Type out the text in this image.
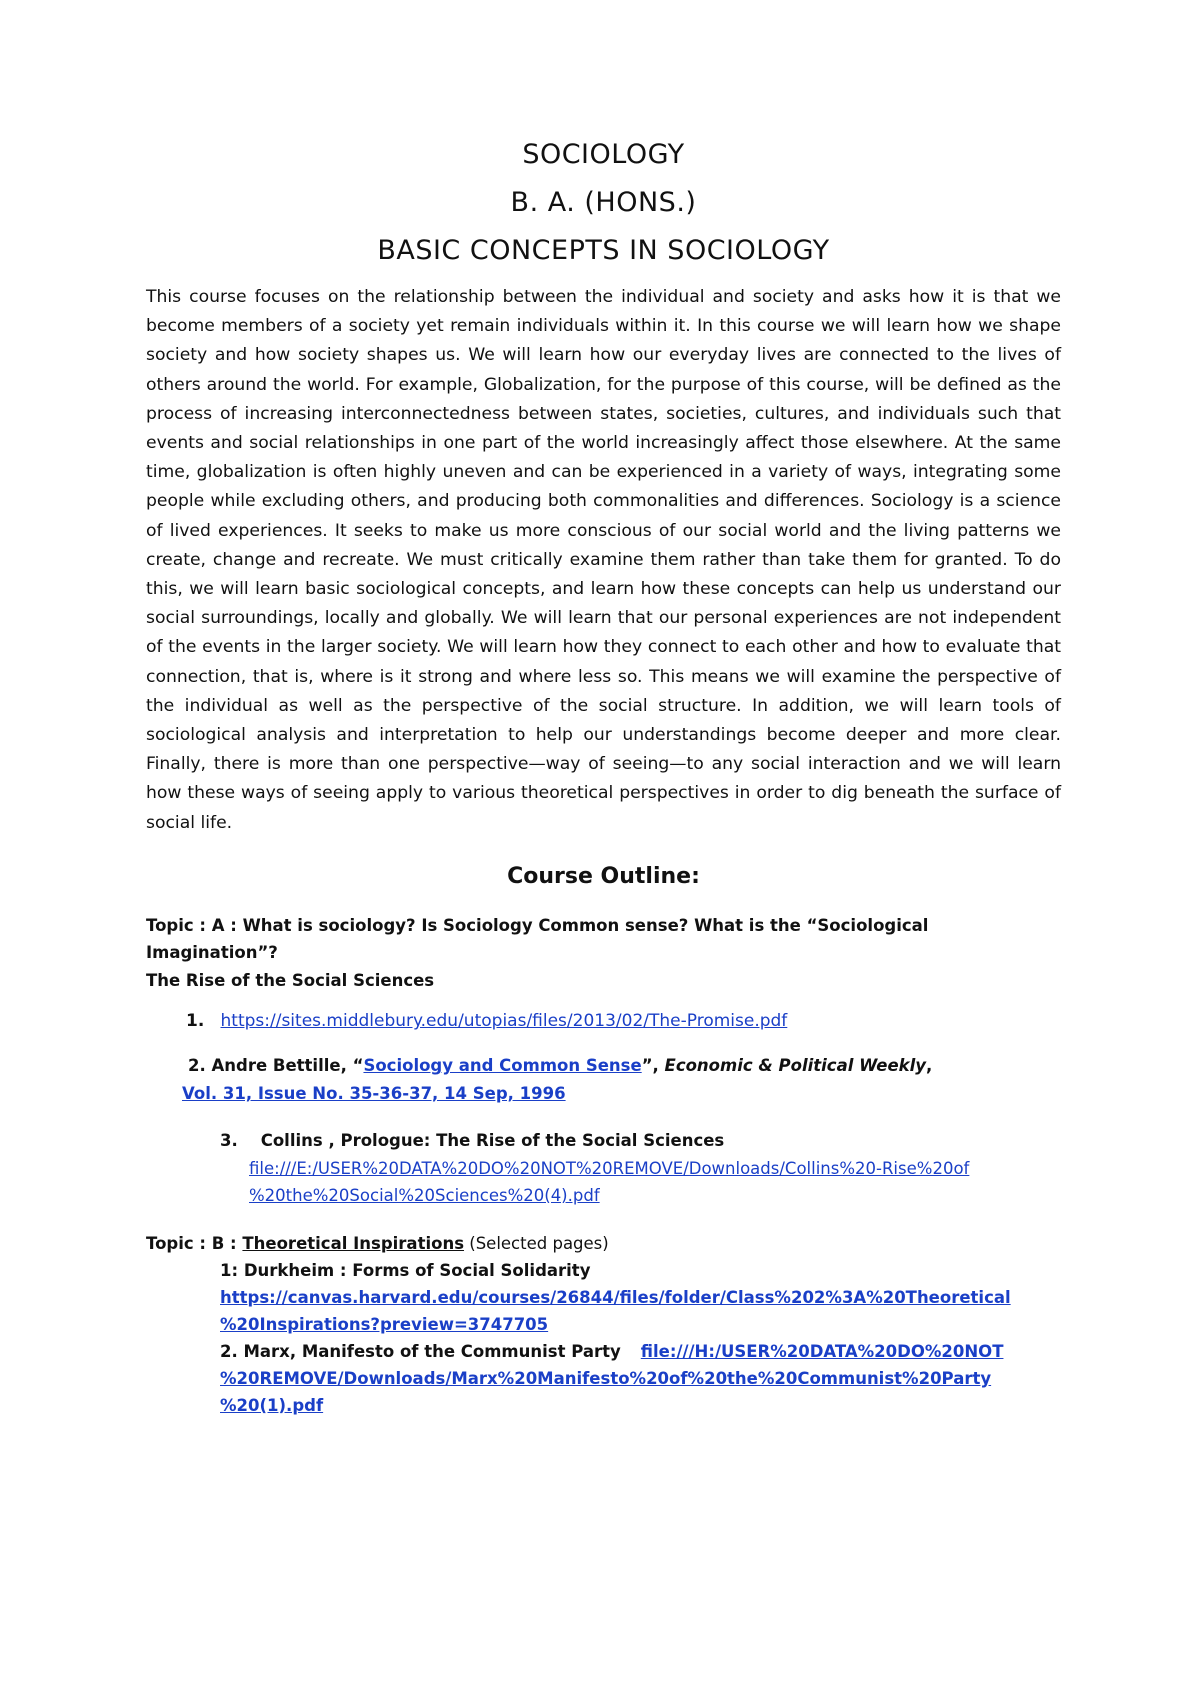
SOCIOLOGY
B. A. (HONS.)
BASIC CONCEPTS IN SOCIOLOGY

This course focuses on the relationship between the individual and society and asks how it is that we become members of a society yet remain individuals within it. In this course we will learn how we shape society and how society shapes us. We will learn how our everyday lives are connected to the lives of others around the world. For example, Globalization, for the purpose of this course, will be defined as the process of increasing interconnectedness between states, societies, cultures, and individuals such that events and social relationships in one part of the world increasingly affect those elsewhere. At the same time, globalization is often highly uneven and can be experienced in a variety of ways, integrating some people while excluding others, and producing both commonalities and differences. Sociology is a science of lived experiences. It seeks to make us more conscious of our social world and the living patterns we create, change and recreate. We must critically examine them rather than take them for granted. To do this, we will learn basic sociological concepts, and learn how these concepts can help us understand our social surroundings, locally and globally. We will learn that our personal experiences are not independent of the events in the larger society. We will learn how they connect to each other and how to evaluate that connection, that is, where is it strong and where less so. This means we will examine the perspective of the individual as well as the perspective of the social structure. In addition, we will learn tools of sociological analysis and interpretation to help our understandings become deeper and more clear. Finally, there is more than one perspective—way of seeing—to any social interaction and we will learn how these ways of seeing apply to various theoretical perspectives in order to dig beneath the surface of social life.

Course Outline:
Topic : A : What is sociology? Is Sociology Common sense? What is the “Sociological Imagination”?
The Rise of the Social Sciences
1. https://sites.middlebury.edu/utopias/files/2013/02/The-Promise.pdf
2. Andre Bettille, “Sociology and Common Sense”, Economic & Political Weekly,
Vol. 31, Issue No. 35-36-37, 14 Sep, 1996
3. Collins , Prologue: The Rise of the Social Sciences
file:///E:/USER%20DATA%20DO%20NOT%20REMOVE/Downloads/Collins%20-Rise%20of
%20the%20Social%20Sciences%20(4).pdf
Topic : B : Theoretical Inspirations (Selected pages)
1: Durkheim : Forms of Social Solidarity
https://canvas.harvard.edu/courses/26844/files/folder/Class%202%3A%20Theoretical
%20Inspirations?preview=3747705
2. Marx, Manifesto of the Communist Party file:///H:/USER%20DATA%20DO%20NOT
%20REMOVE/Downloads/Marx%20Manifesto%20of%20the%20Communist%20Party
%20(1).pdf
